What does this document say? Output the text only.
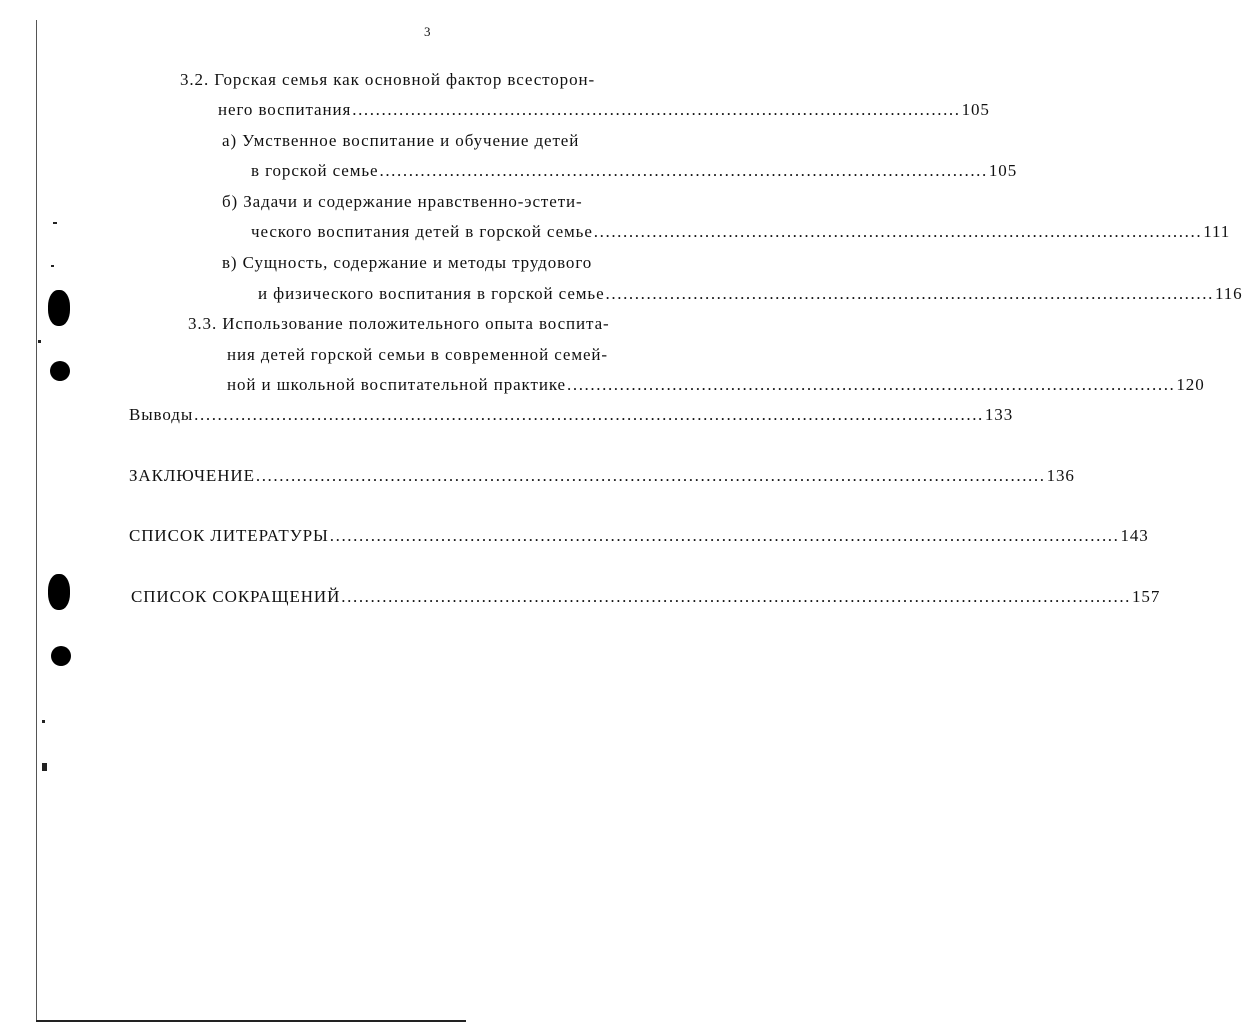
3
3.2. Горская семья как основной фактор всесторон-
него воспитания ........................................................................................................ 105
а) Умственное воспитание и обучение детей
в горской семье ........................................................................................................ 105
б) Задачи и содержание нравственно-эстети-
ческого воспитания детей в горской семье ........................................................................................................ 111
в) Сущность, содержание и методы трудового
и физического воспитания в горской семье ........................................................................................................ 116
3.3. Использование положительного опыта воспита-
ния детей горской семьи в современной семей-
ной и школьной воспитательной практике ........................................................................................................ 120
Выводы ....................................................................................................................................... 133
ЗАКЛЮЧЕНИЕ ....................................................................................................................................... 136
СПИСОК ЛИТЕРАТУРЫ ....................................................................................................................................... 143
СПИСОК СОКРАЩЕНИЙ ....................................................................................................................................... 157
